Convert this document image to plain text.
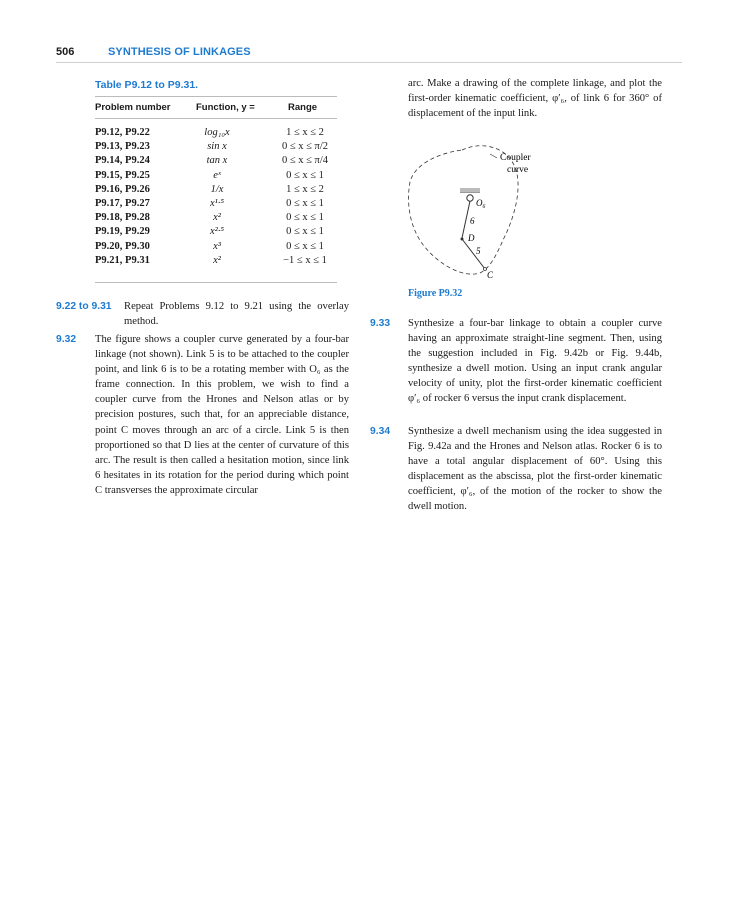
506	SYNTHESIS OF LINKAGES
Table P9.12 to P9.31.
Problem number	Function, y =	Range
P9.12, P9.22	log₁₀x	1 ≤ x ≤ 2
P9.13, P9.23	sin x	0 ≤ x ≤ π/2
P9.14, P9.24	tan x	0 ≤ x ≤ π/4
P9.15, P9.25	eˣ	0 ≤ x ≤ 1
P9.16, P9.26	1/x	1 ≤ x ≤ 2
P9.17, P9.27	x¹·⁵	0 ≤ x ≤ 1
P9.18, P9.28	x²	0 ≤ x ≤ 1
P9.19, P9.29	x²·⁵	0 ≤ x ≤ 1
P9.20, P9.30	x³	0 ≤ x ≤ 1
P9.21, P9.31	x²	−1 ≤ x ≤ 1
9.22 to 9.31 Repeat Problems 9.12 to 9.21 using the overlay method.
9.32 The figure shows a coupler curve generated by a four-bar linkage (not shown). Link 5 is to be attached to the coupler point, and link 6 is to be a rotating member with O₆ as the frame connection. In this problem, we wish to find a coupler curve from the Hrones and Nelson atlas or by precision postures, such that, for an appreciable distance, point C moves through an arc of a circle. Link 5 is then proportioned so that D lies at the center of curvature of this arc. The result is then called a hesitation motion, since link 6 hesitates in its rotation for the period during which point C transverses the approximate circular
arc. Make a drawing of the complete linkage, and plot the first-order kinematic coefficient, φ′₆, of link 6 for 360° of displacement of the input link.
Coupler
curve
O₆
6
D
5
C
Figure P9.32
9.33 Synthesize a four-bar linkage to obtain a coupler curve having an approximate straight-line segment. Then, using the suggestion included in Fig. 9.42b or Fig. 9.44b, synthesize a dwell motion. Using an input crank angular velocity of unity, plot the first-order kinematic coefficient φ′₆ of rocker 6 versus the input crank displacement.
9.34 Synthesize a dwell mechanism using the idea suggested in Fig. 9.42a and the Hrones and Nelson atlas. Rocker 6 is to have a total angular displacement of 60°. Using this displacement as the abscissa, plot the first-order kinematic coefficient, φ′₆, of the motion of the rocker to show the dwell motion.
